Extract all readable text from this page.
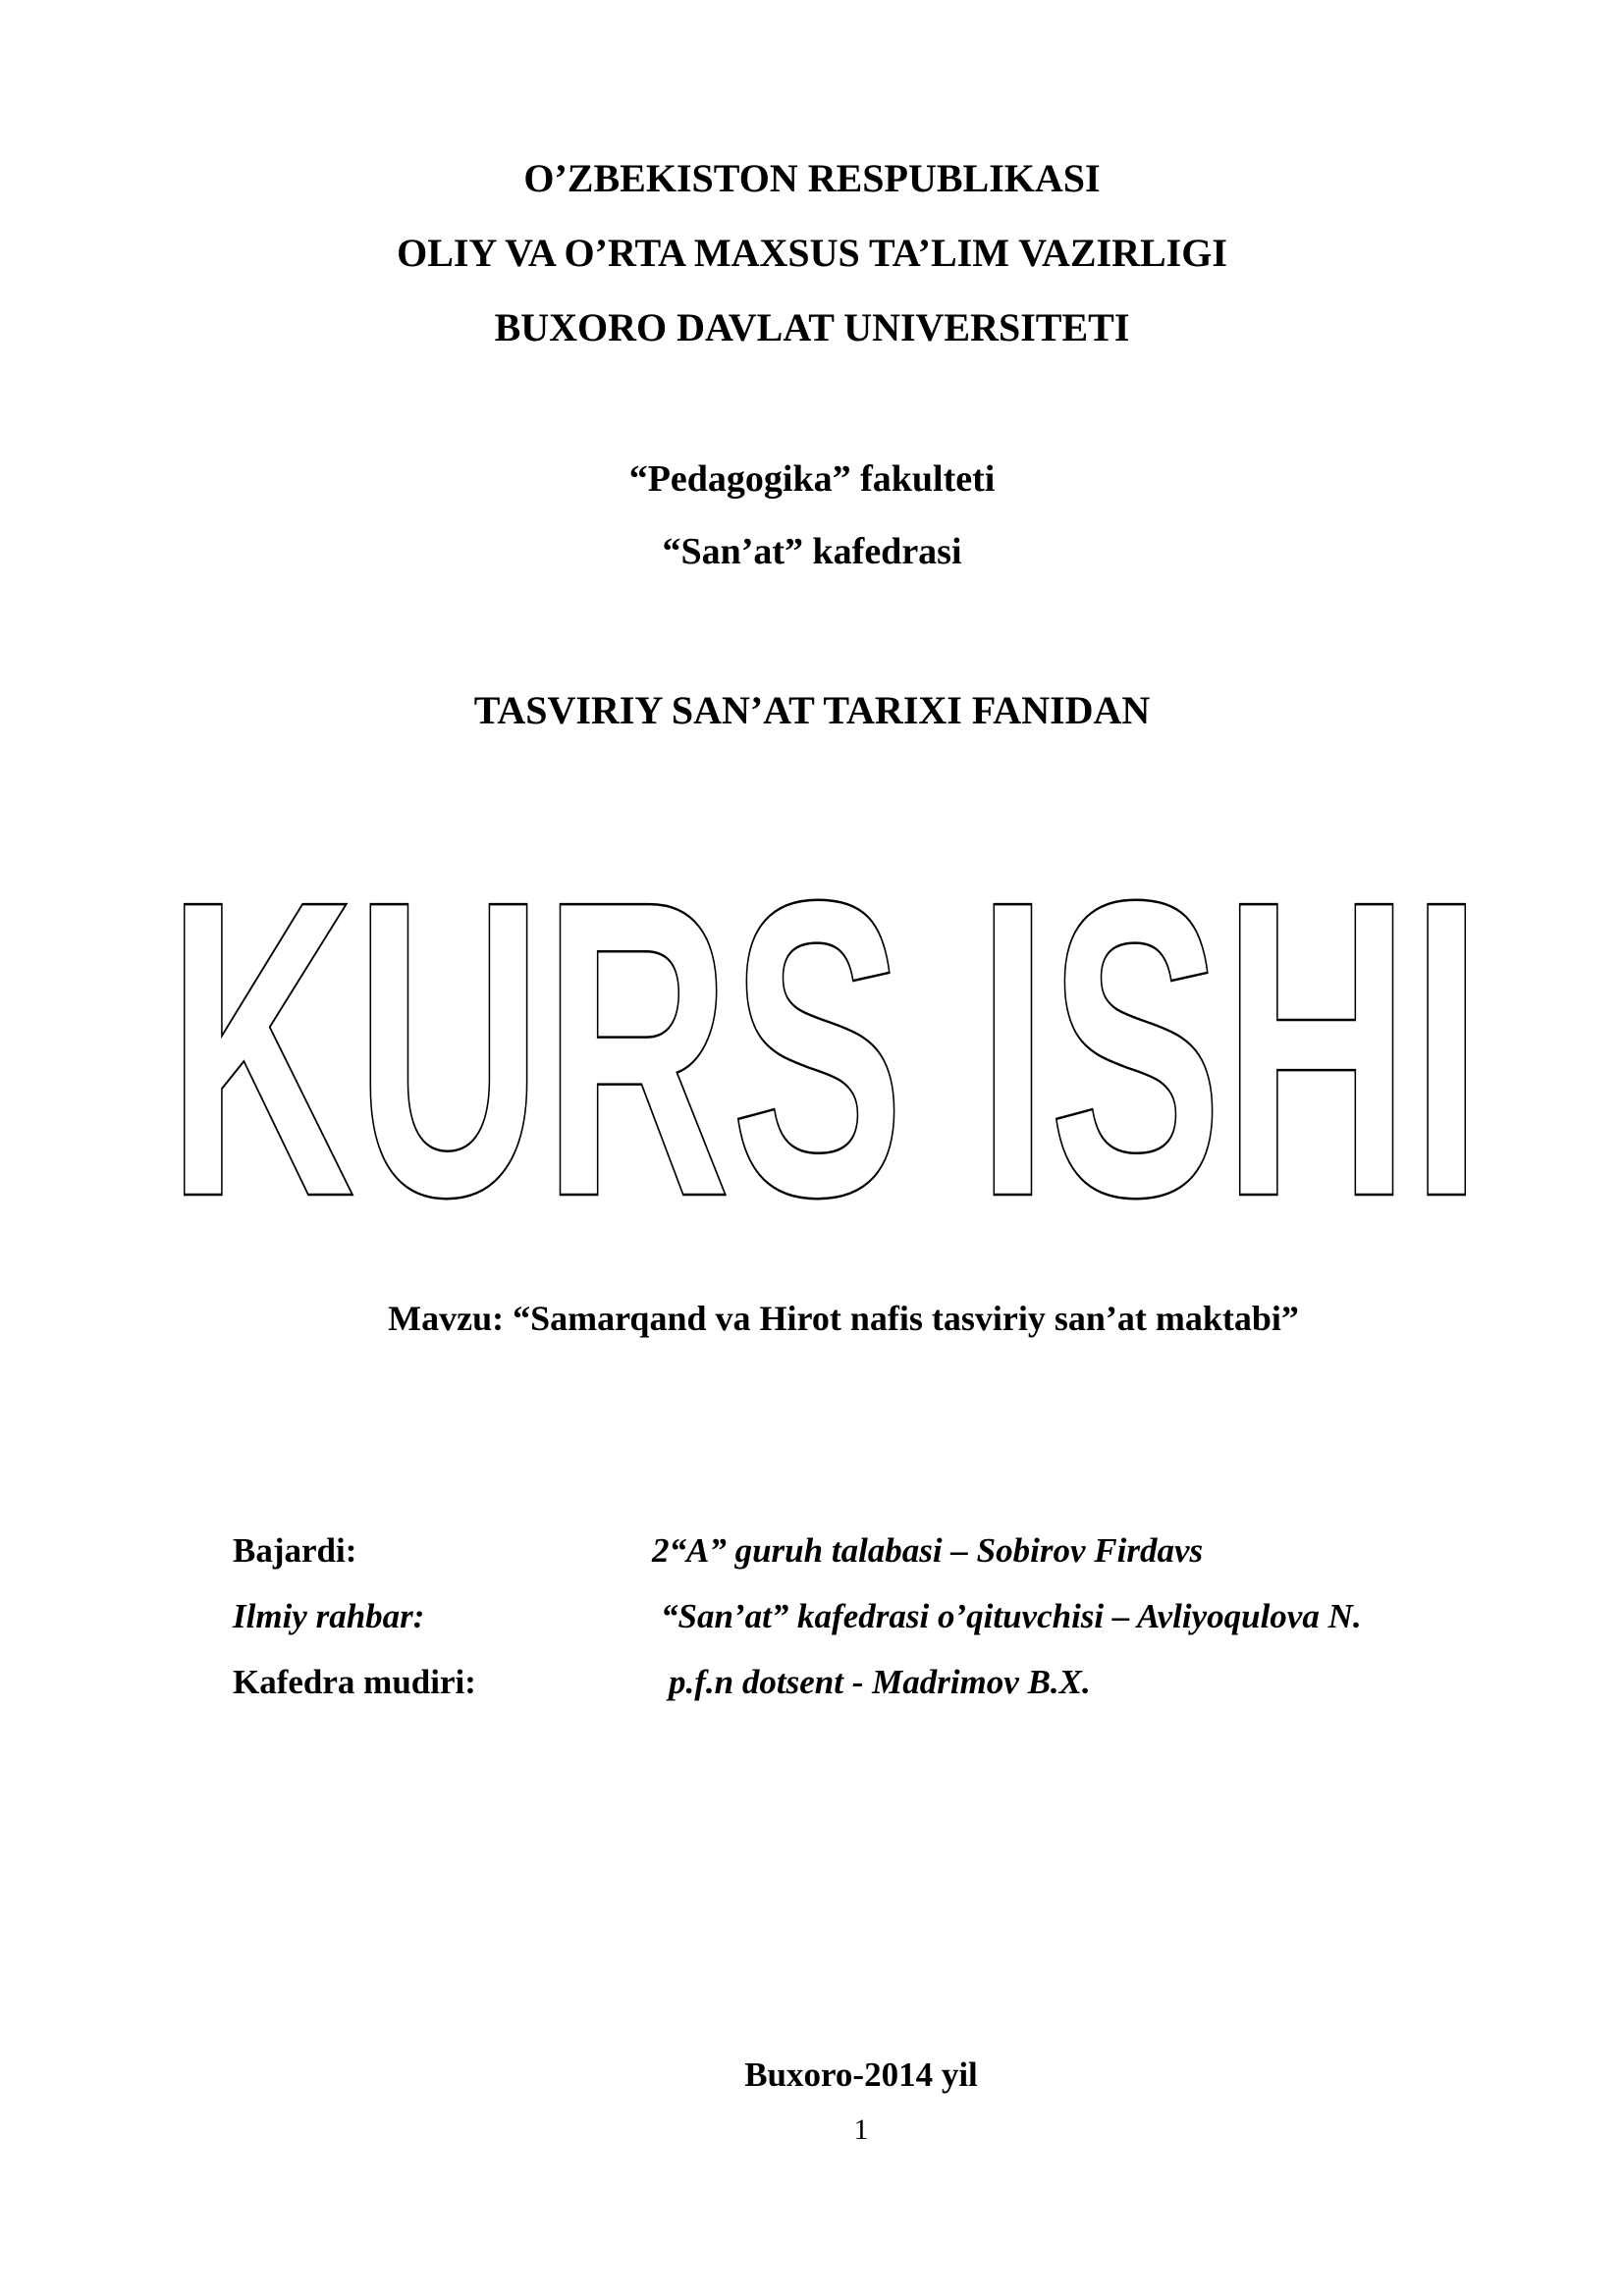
O’ZBEKISTON RESPUBLIKASI
OLIY VA O’RTA MAXSUS TA’LIM VAZIRLIGI
BUXORO DAVLAT UNIVERSITETI
“Pedagogika” fakulteti
“San’at” kafedrasi
TASVIRIY SAN’AT TARIXI FANIDAN
KURS ISHI
Mavzu: “Samarqand va Hirot nafis tasviriy san’at maktabi”
Bajardi:	2“A” guruh talabasi – Sobirov Firdavs
Ilmiy rahbar:	“San’at” kafedrasi o’qituvchisi – Avliyoqulova N.
Kafedra mudiri:	p.f.n dotsent - Madrimov B.X.
Buxoro-2014 yil
1
